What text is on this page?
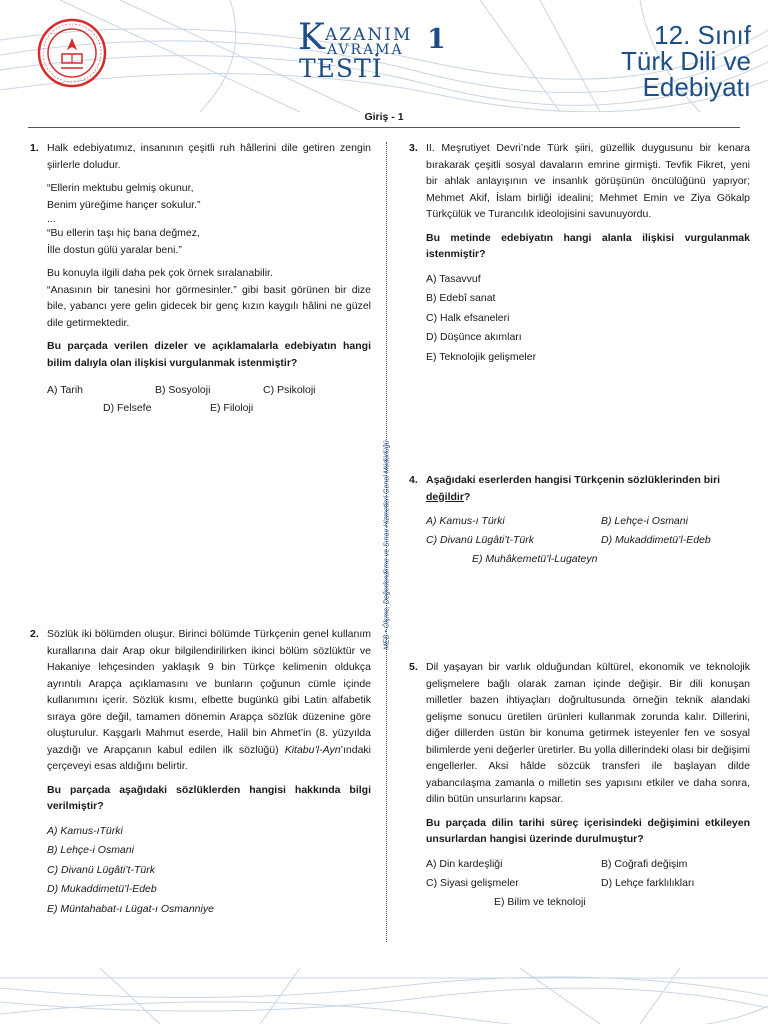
K AZANIM
AVRAMA
TESTİ
1	12. Sınıf
Türk Dili ve
Edebiyatı
Giriş - 1
MEB • Ölçme, Değerlendirme ve Sınav Hizmetleri Genel Müdürlüğü
1. Halk edebiyatımız, insanının çeşitli ruh hâllerini dile getiren zengin şiirlerle doludur.

“Ellerin mektubu gelmiş okunur,

Benim yüreğime hançer sokulur.”

...

“Bu ellerin taşı hiç bana değmez,

İlle dostun gülü yaralar beni.”

Bu konuyla ilgili daha pek çok örnek sıralanabilir.

“Anasının bir tanesini hor görmesinler.” gibi basit görünen bir dize bile, yabancı yere gelin gidecek bir genç kızın kaygılı hâlini ne güzel dile getirmektedir.

Bu parçada verilen dizeler ve açıklamalarla edebiyatın hangi bilim dalıyla olan ilişkisi vurgulanmak istenmiştir?

A) Tarih	B) Sosyoloji	C) Psikoloji
D) Felsefe	E) Filoloji
2. Sözlük iki bölümden oluşur. Birinci bölümde Türkçenin genel kullanım kurallarına dair Arap okur bilgilendirilirken ikinci bölüm sözlüktür ve Hakaniye lehçesinden yaklaşık 9 bin Türkçe kelimenin oldukça ayrıntılı Arapça açıklamasını ve bunların çoğunun cümle içinde kullanımını içerir. Sözlük kısmı, elbette bugünkü gibi Latin alfabetik sıraya göre değil, tamamen dönemin Arapça sözlük düzenine göre oluşturulur. Kaşgarlı Mahmut eserde, Halil bin Ahmet’in (8. yüzyılda yazdığı ve Arapçanın kabul edilen ilk sözlüğü) Kitabu’l-Ayn’ındaki çerçeveyi esas aldığını belirtir.

Bu parçada aşağıdaki sözlüklerden hangisi hakkında bilgi verilmiştir?

A) Kamus-ıTürki

B) Lehçe-i Osmani

C) Divanü Lügâti’t-Türk

D) Mukaddimetü’l-Edeb

E) Müntahabat-ı Lügat-ı Osmanniye

3. II. Meşrutiyet Devri’nde Türk şiiri, güzellik duygusunu bir kenara bırakarak çeşitli sosyal davaların emrine girmişti. Tevfik Fikret, yeni bir ahlak anlayışının ve insanlık görüşünün öncülüğünü yapıyor; Mehmet Akif, İslam birliği idealini; Mehmet Emin ve Ziya Gökalp Türkçülük ve Turancılık ideolojisini savunuyordu.

Bu metinde edebiyatın hangi alanla ilişkisi vurgulanmak istenmiştir?

A) Tasavvuf

B) Edebî sanat

C) Halk efsaneleri

D) Düşünce akımları

E) Teknolojik gelişmeler

4. Aşağıdaki eserlerden hangisi Türkçenin sözlüklerinden biri değildir?

A) Kamus-ı Türki	B) Lehçe-i Osmani
C) Divanü Lügâti’t-Türk	D) Mukaddimetü’l-Edeb
E) Muhâkemetü’l-Lugateyn
5. Dil yaşayan bir varlık olduğundan kültürel, ekonomik ve teknolojik gelişmelere bağlı olarak zaman içinde değişir. Bir dili konuşan milletler bazen ihtiyaçları doğrultusunda örneğin teknik alandaki gelişme sonucu üretilen ürünleri kullanmak zorunda kalır. Dillerini, diğer dillerden üstün bir konuma getirmek isteyenler fen ve sosyal bilimlerde yeni değerler üretirler. Bu yolla dillerindeki olası bir değişimi engellerler. Aksi hâlde sözcük transferi ile başlayan dilde yabancılaşma zamanla o milletin ses yapısını etkiler ve daha sonra, dilin bütün unsurlarını kapsar.

Bu parçada dilin tarihi süreç içerisindeki değişimini etkileyen unsurlardan hangisi üzerinde durulmuştur?

A) Din kardeşliği	B) Coğrafi değişim
C) Siyasi gelişmeler	D) Lehçe farklılıkları
E) Bilim ve teknoloji
